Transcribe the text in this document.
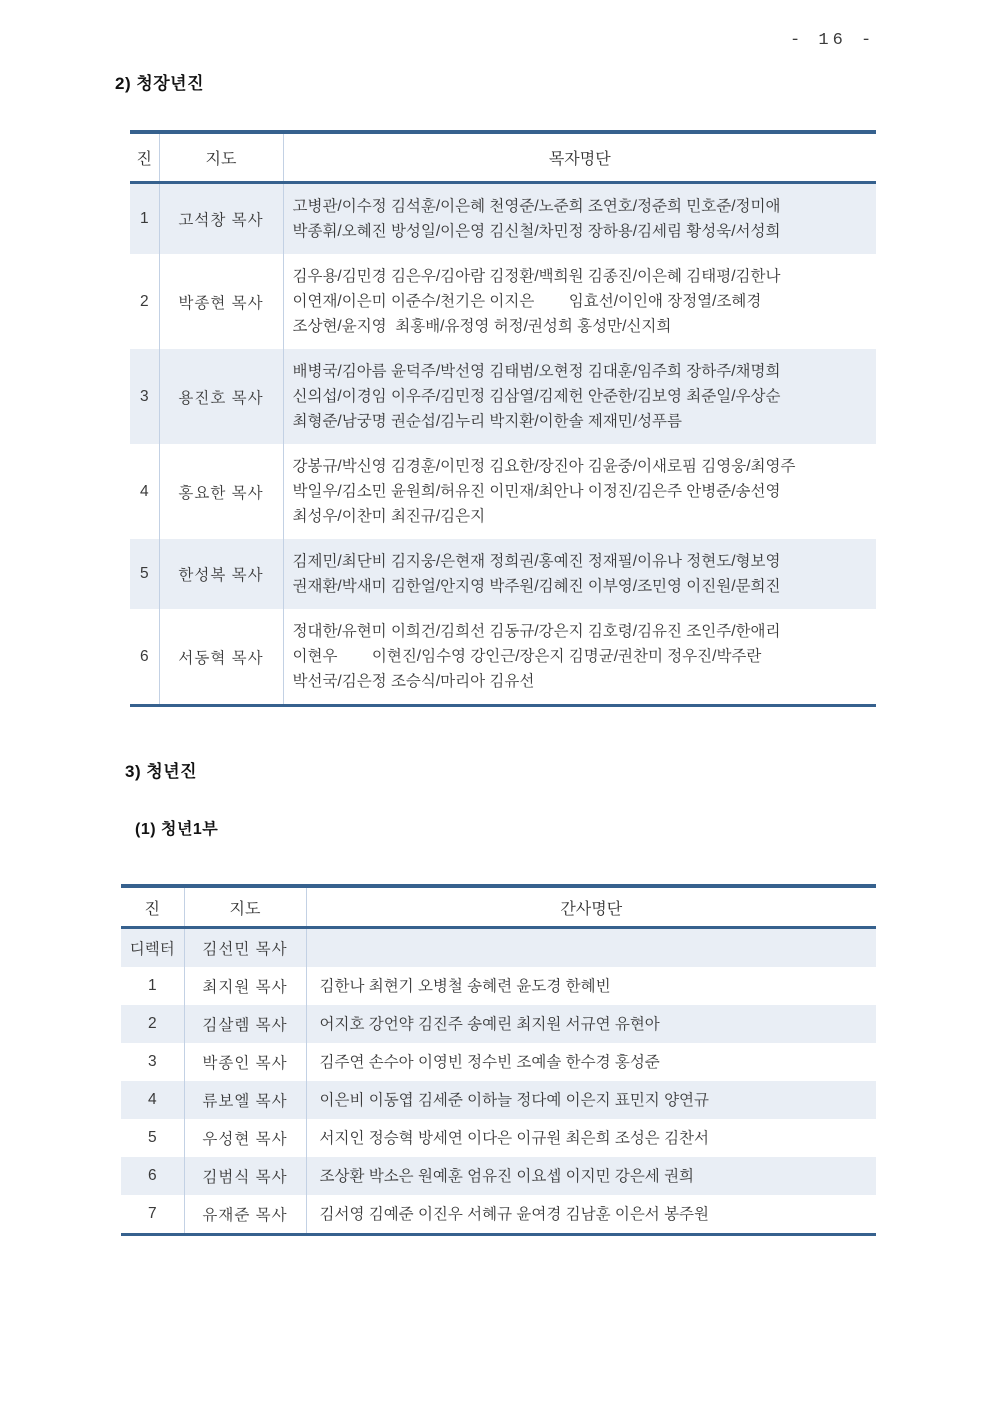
- 16 -
2) 청장년진
진	지도	목자명단
1	고석창 목사	고병관/이수정 김석훈/이은혜 천영준/노준희 조연호/정준희 민호준/정미애
박종휘/오혜진 방성일/이은영 김신철/차민정 장하용/김세림 황성욱/서성희

2	박종현 목사	김우용/김민경 김은우/김아람 김정환/백희원 김종진/이은혜 김태평/김한나
이연재/이은미 이준수/천기은 이지은        임효선/이인애 장정열/조혜경
조상현/윤지영  최홍배/유정영 허정/권성희 홍성만/신지희

3	용진호 목사	배병국/김아름 윤덕주/박선영 김태범/오현정 김대훈/임주희 장하주/채명희
신의섭/이경임 이우주/김민정 김삼열/김제헌 안준한/김보영 최준일/우상순
최형준/남궁명 권순섭/김누리 박지환/이한솔 제재민/성푸름

4	홍요한 목사	강봉규/박신영 김경훈/이민정 김요한/장진아 김윤중/이새로핌 김영웅/최영주
박일우/김소민 윤원희/허유진 이민재/최안나 이정진/김은주 안병준/송선영
최성우/이찬미 최진규/김은지

5	한성복 목사	김제민/최단비 김지웅/은현재 정희권/홍예진 정재필/이유나 정현도/형보영
권재환/박새미 김한얼/안지영 박주원/김혜진 이부영/조민영 이진원/문희진

6	서동혁 목사	정대한/유현미 이희건/김희선 김동규/강은지 김호령/김유진 조인주/한애리
이현우        이현진/임수영 강인근/장은지 김명균/권찬미 정우진/박주란
박선국/김은정 조승식/마리아 김유선
3) 청년진
(1) 청년1부
진	지도	간사명단
디렉터	김선민 목사	
1	최지원 목사	김한나 최현기 오병철 송혜련 윤도경 한혜빈

2	김살렘 목사	어지호 강언약 김진주 송예린 최지원 서규연 유현아

3	박종인 목사	김주연 손수아 이영빈 정수빈 조예솔 한수경 홍성준

4	류보엘 목사	이은비 이동엽 김세준 이하늘 정다예 이은지 표민지 양연규

5	우성현 목사	서지인 정승혁 방세연 이다은 이규원 최은희 조성은 김찬서

6	김범식 목사	조상환 박소은 원예훈 엄유진 이요셉 이지민 강은세 권희

7	유재준 목사	김서영 김예준 이진우 서혜규 윤여경 김남훈 이은서 봉주원
